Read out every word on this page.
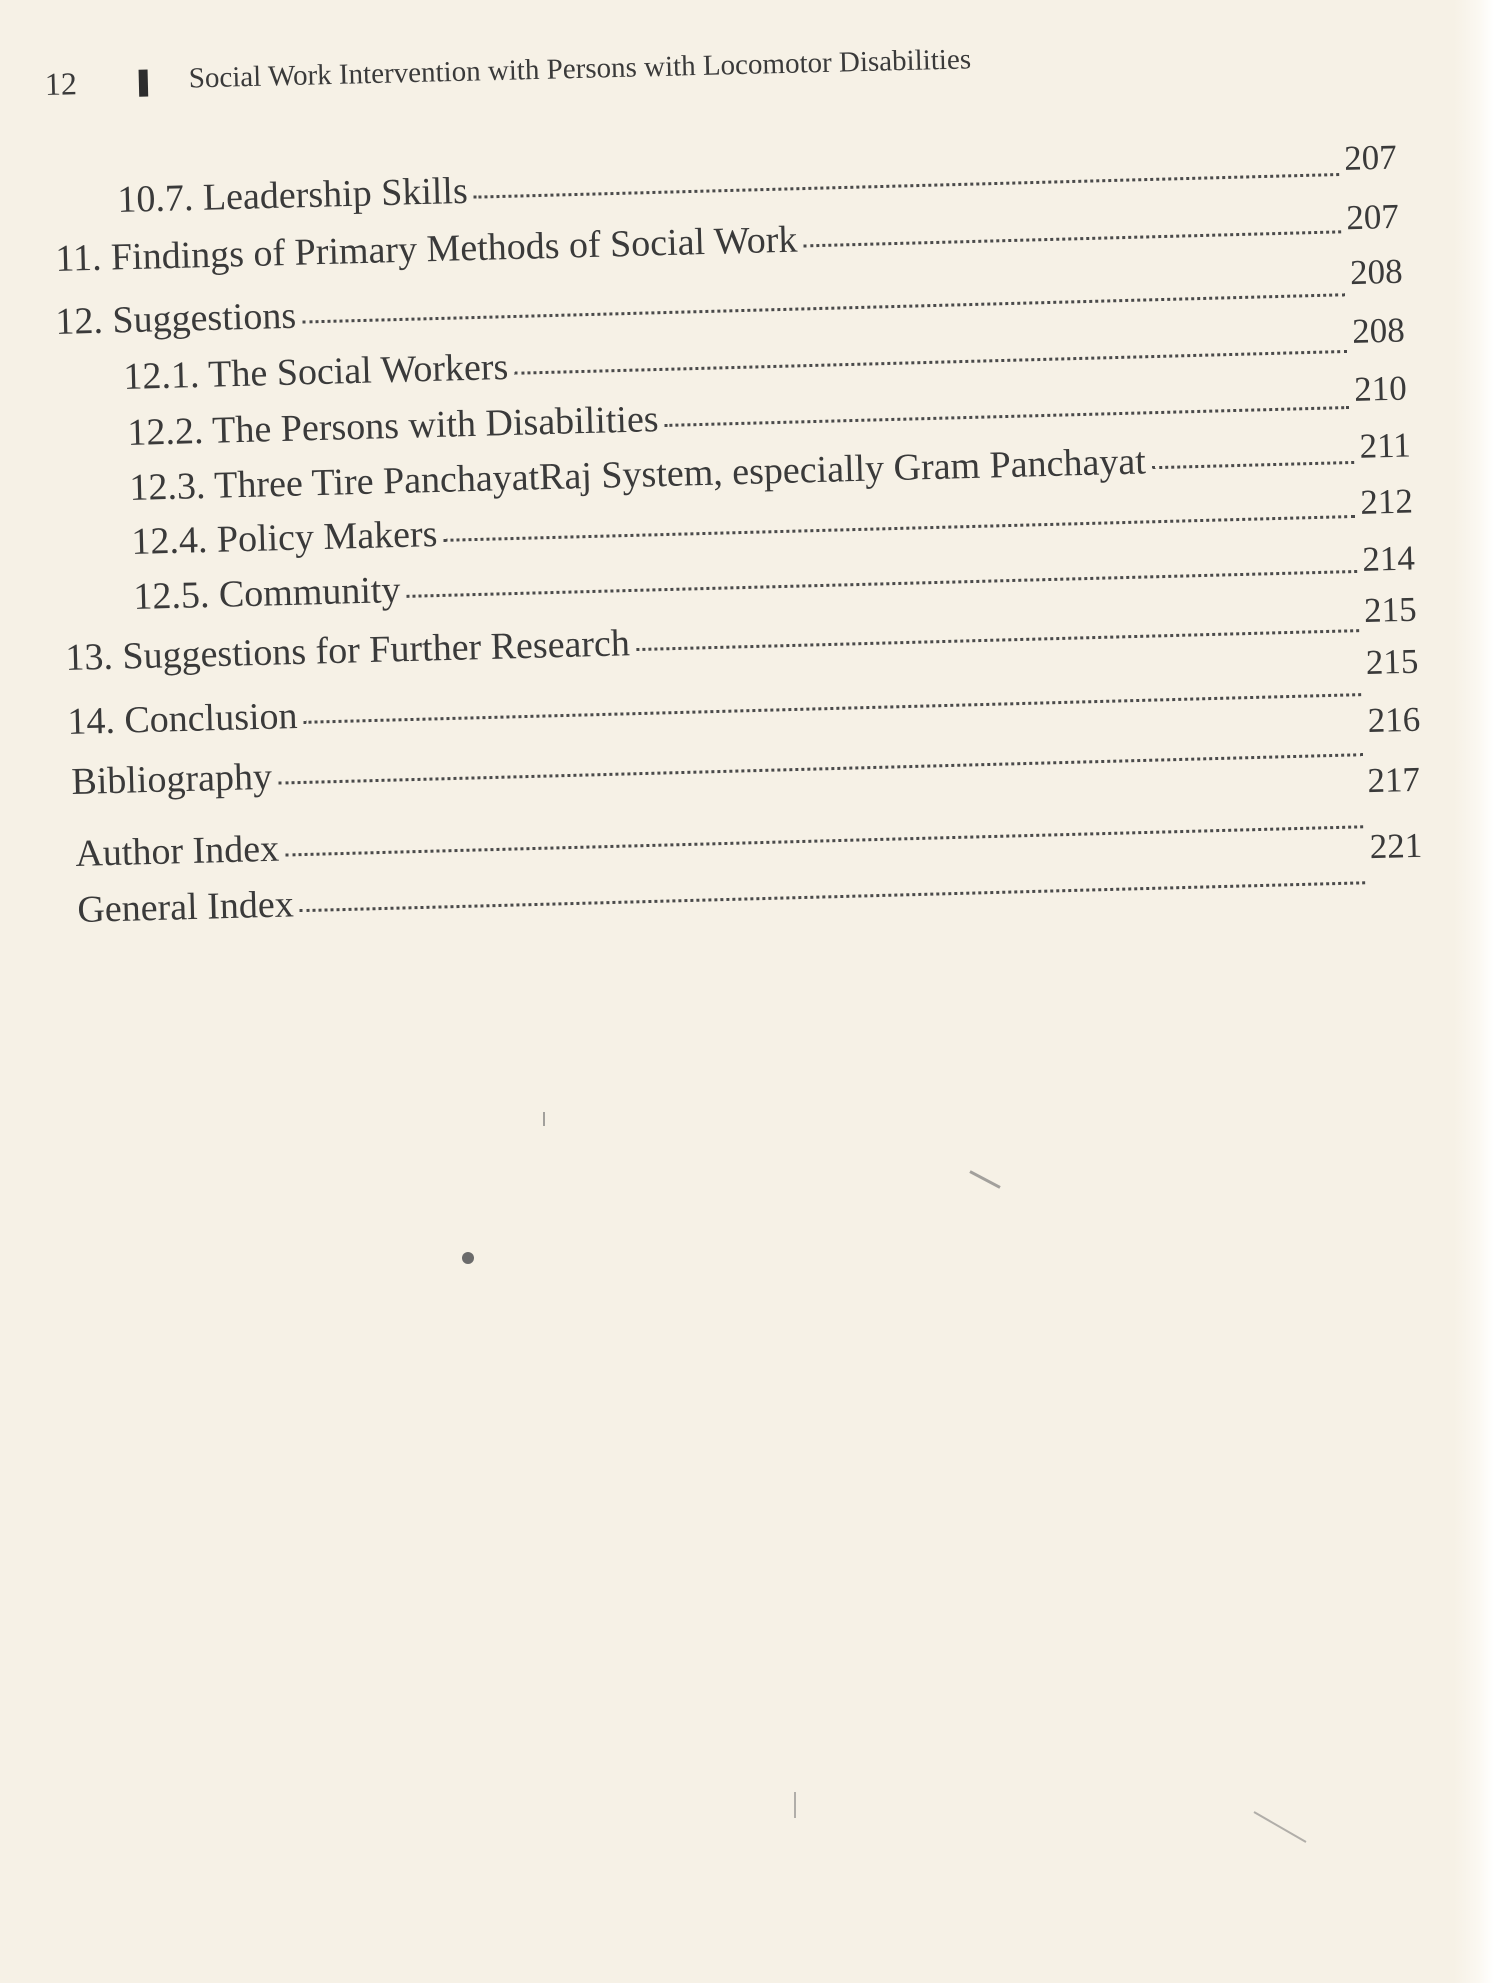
12	Social Work Intervention with Persons with Locomotor Disabilities
10.7. Leadership Skills
207
11. Findings of Primary Methods of Social Work
207
12. Suggestions
208
12.1. The Social Workers
208
12.2. The Persons with Disabilities
210
12.3. Three Tire PanchayatRaj System, especially Gram Panchayat	211
12.4. Policy Makers
212
12.5. Community
214
13. Suggestions for Further Research
215
14. Conclusion
215
Bibliography
216
Author Index
217
General Index
221
